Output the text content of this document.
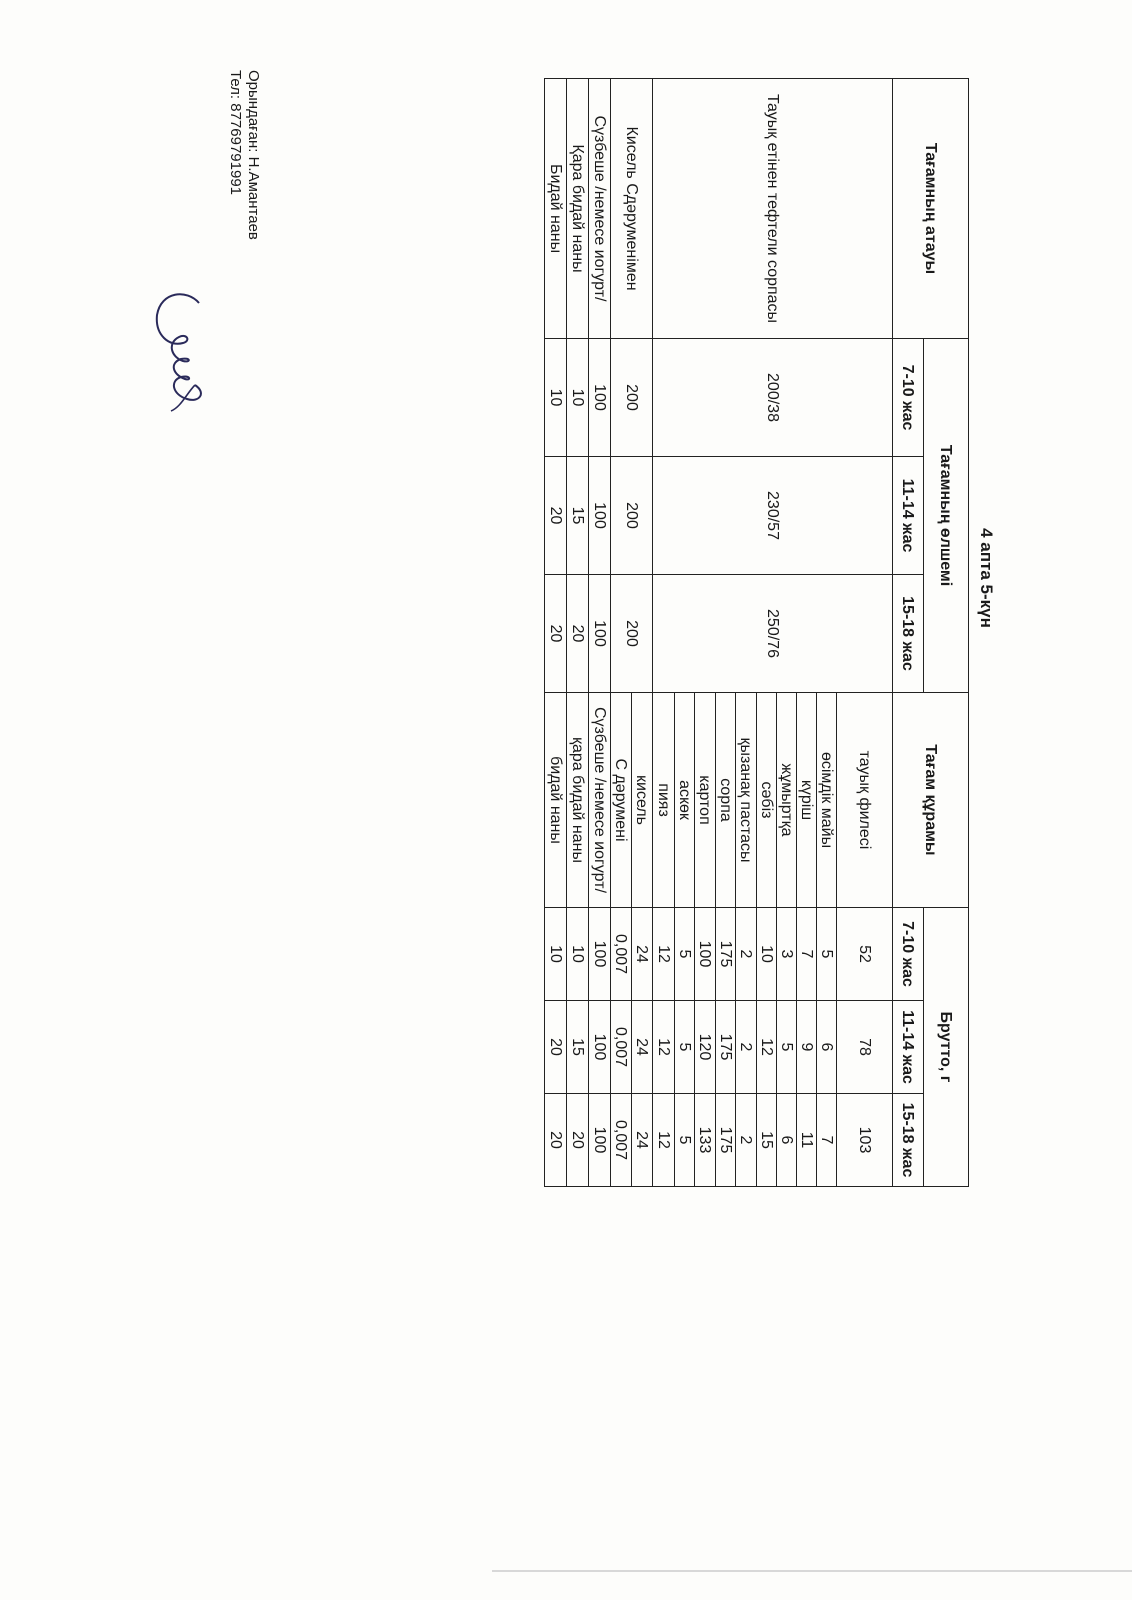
4 апта 5-күн
Тағамның атауы	Тағамның өлшемі			Тағам құрамы	Брутто, г		
	7-10 жас	11-14 жас	15-18 жас		7-10 жас	11-14 жас	15-18 жас
Тауық етінен тефтели сорпасы	200/38	230/57	250/76	тауық филесі	52	78	103
				өсімдік майы	5	6	7
				күріш	7	9	11
				жұмыртқа	3	5	6
				сәбіз	10	12	15
				қызанақ пастасы	2	2	2
				сорпа	175	175	175
				картоп	100	120	133
				аскөк	5	5	5
				пияз	12	12	12
Кисель Сдәруменімен	200	200	200	кисель	24	24	24
				С дәрумені	0,007	0,007	0,007
Сүзбеше /немесе иогурт/	100	100	100	Сүзбеше /немесе иогурт/	100	100	100
Қара бидай наны	10	15	20	қара бидай наны	10	15	20
Бидай наны	10	20	20	бидай наны	10	20	20
Орындаған: Н.Амантаев
Тел: 87769791991
